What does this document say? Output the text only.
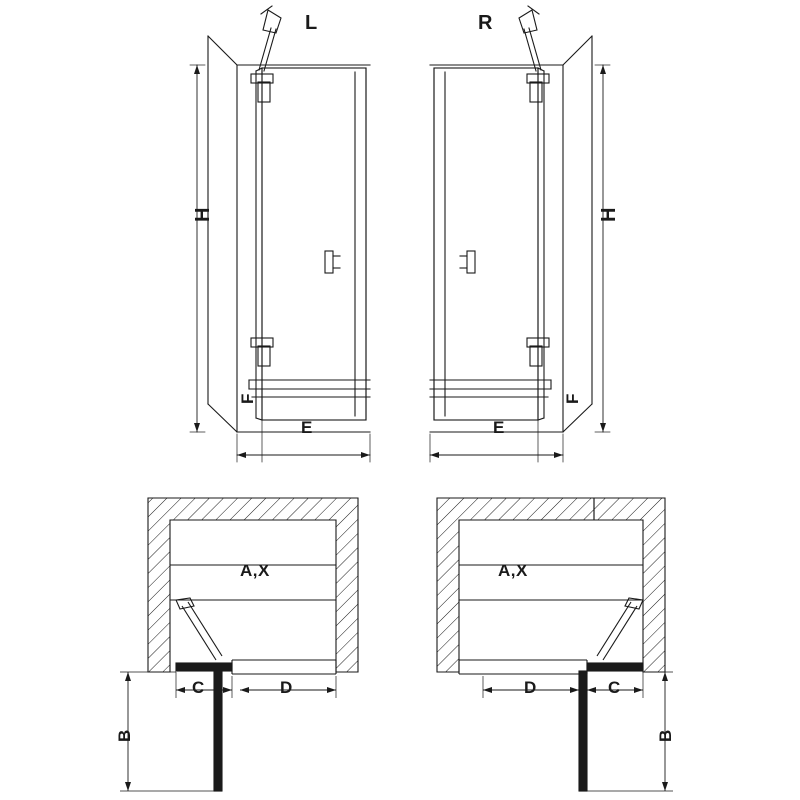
L	R
H
F
E
H
F
E
A,X
C	D
B
A,X
D	C
B
